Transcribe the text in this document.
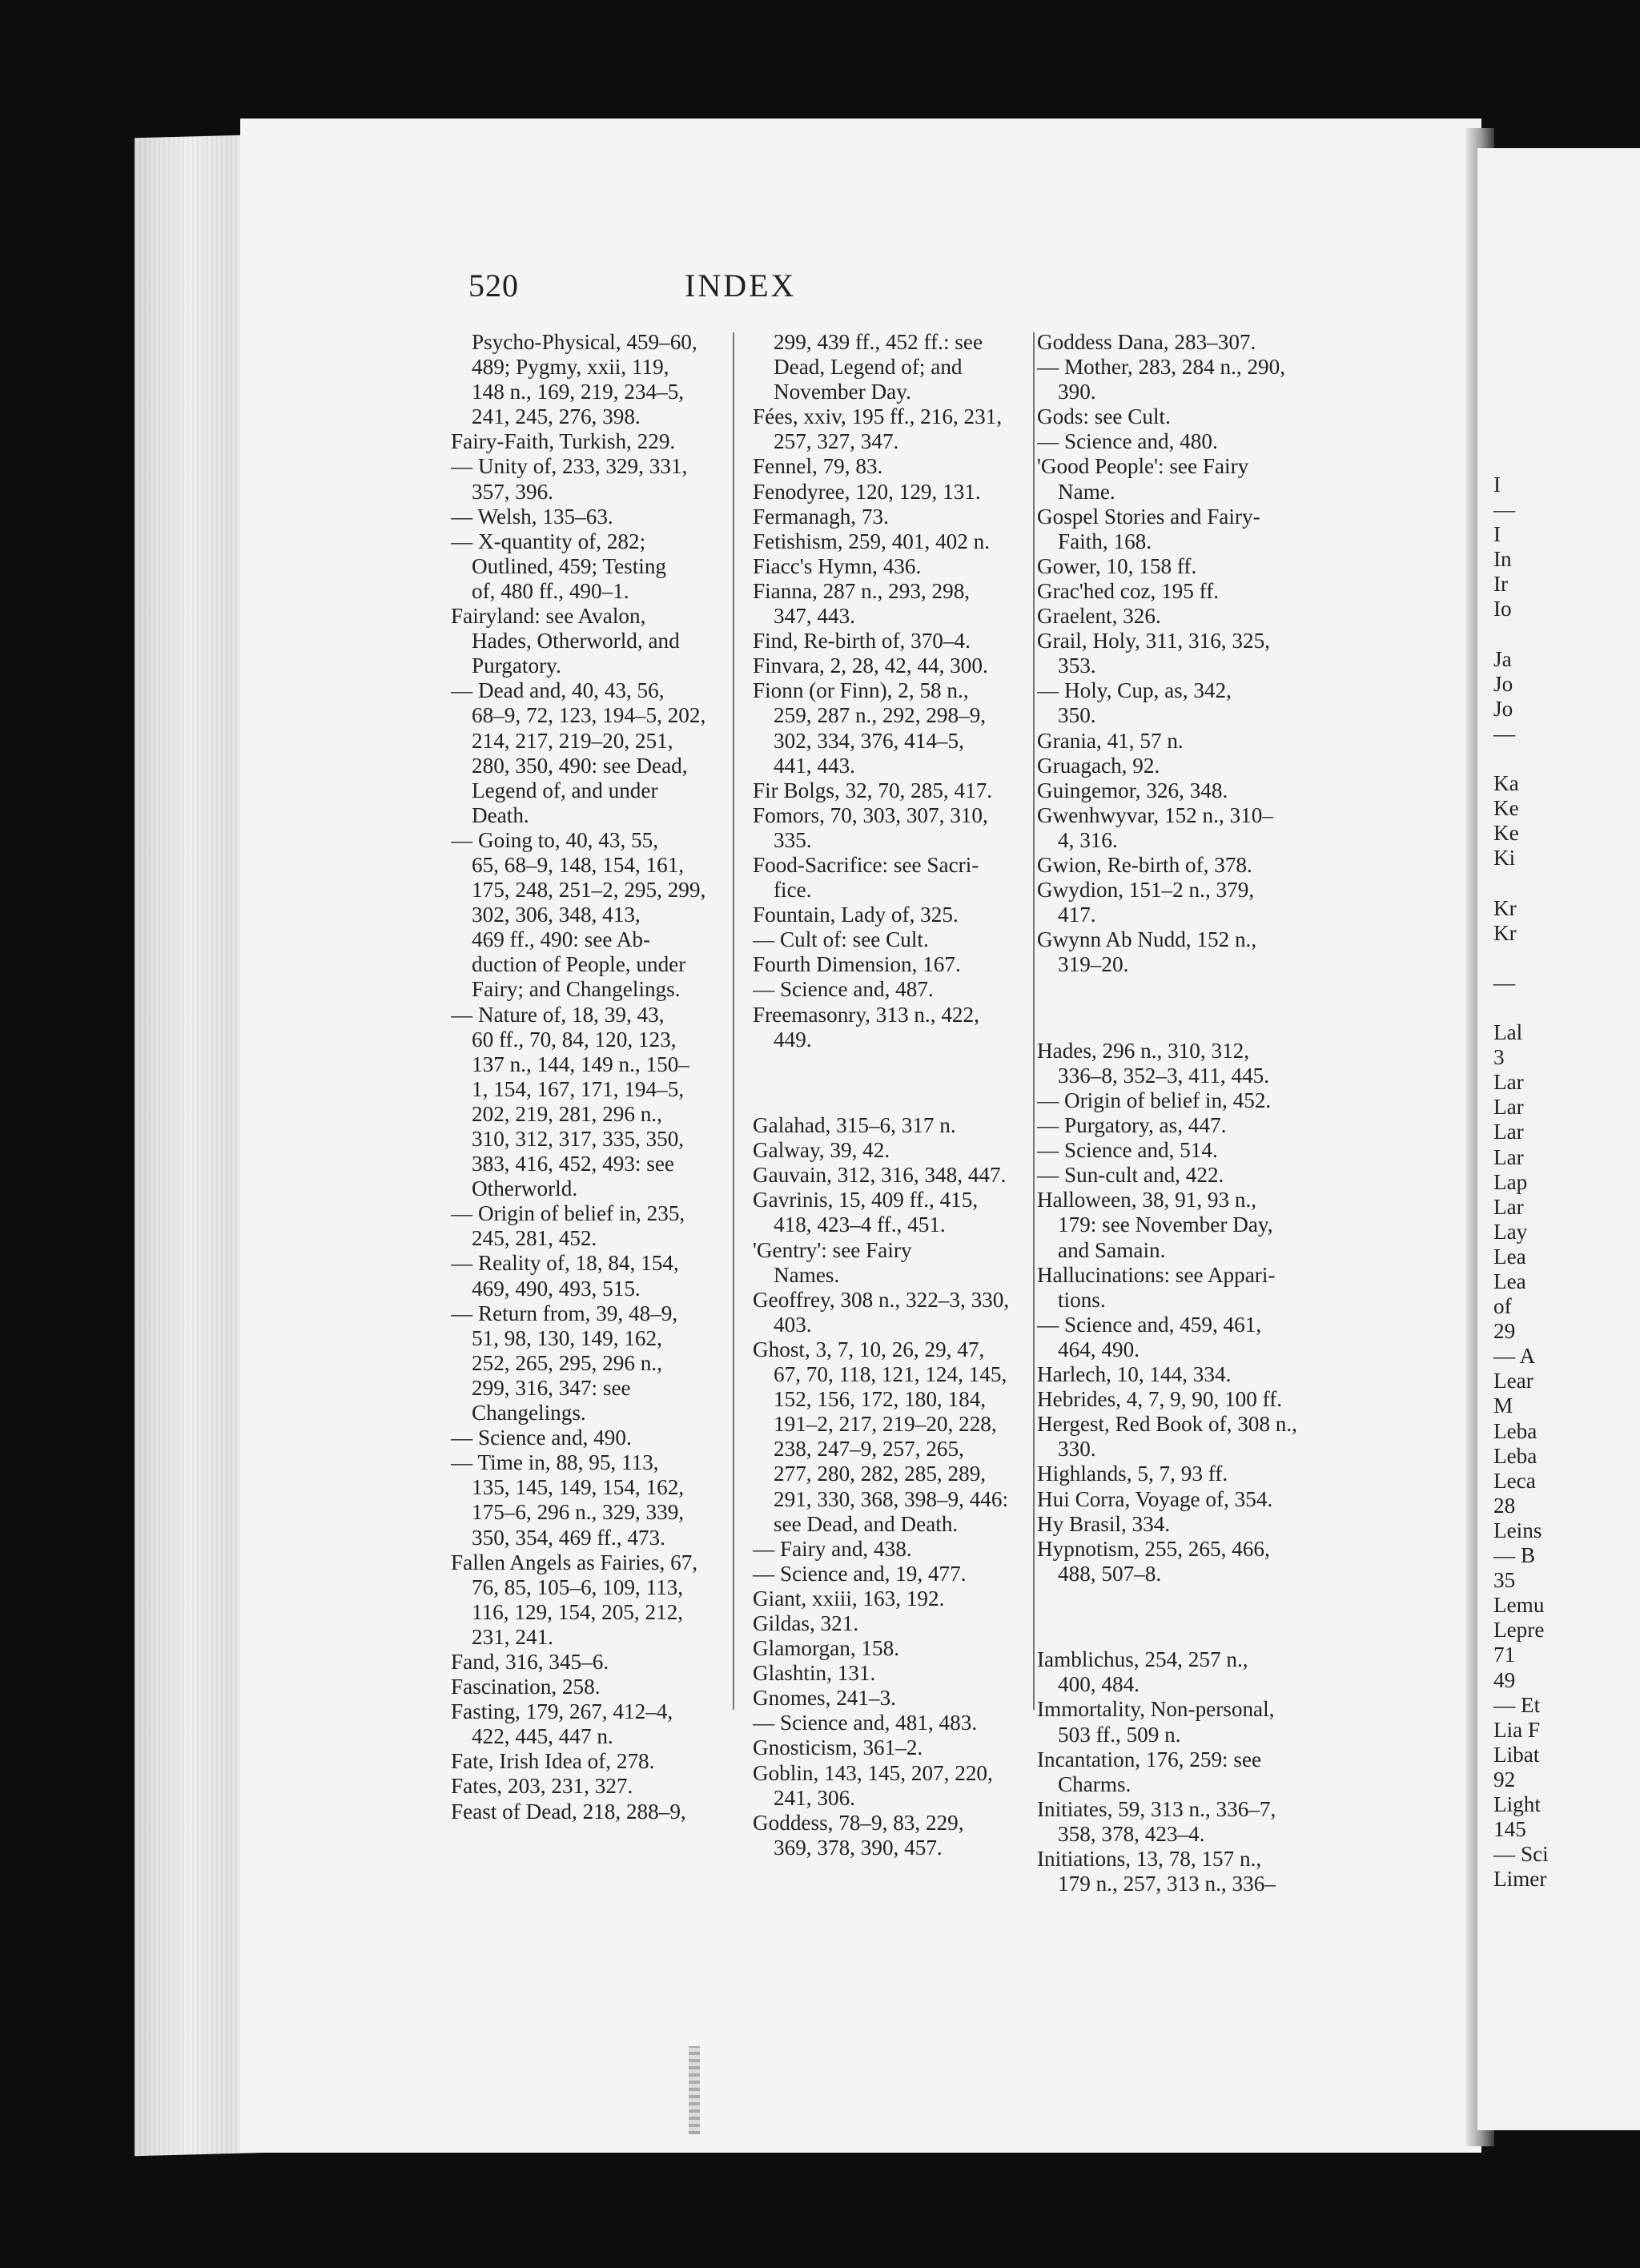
I
—
I
In
Ir
Io
Ja
Jo
Jo
—
Ka
Ke
Ke
Ki
Kr
Kr
—
Lal
3
Lar
Lar
Lar
Lar
Lap
Lar
Lay
Lea
Lea
of
29
— A
Lear
M
Leba
Leba
Leca
28
Leins
— B
35
Lemu
Lepre
71
49
— Et
Lia F
Libat
92
Light
145
— Sci
Limer
520	INDEX

Psycho-Physical, 459–60,

489; Pygmy, xxii, 119,

148 n., 169, 219, 234–5,

241, 245, 276, 398.

Fairy-Faith, Turkish, 229.

— Unity of, 233, 329, 331,

357, 396.

— Welsh, 135–63.

— X-quantity of, 282;

Outlined, 459; Testing

of, 480 ff., 490–1.

Fairyland: see Avalon,

Hades, Otherworld, and

Purgatory.

— Dead and, 40, 43, 56,

68–9, 72, 123, 194–5, 202,

214, 217, 219–20, 251,

280, 350, 490: see Dead,

Legend of, and under

Death.

— Going to, 40, 43, 55,

65, 68–9, 148, 154, 161,

175, 248, 251–2, 295, 299,

302, 306, 348, 413,

469 ff., 490: see Ab-

duction of People, under

Fairy; and Changelings.

— Nature of, 18, 39, 43,

60 ff., 70, 84, 120, 123,

137 n., 144, 149 n., 150–

1, 154, 167, 171, 194–5,

202, 219, 281, 296 n.,

310, 312, 317, 335, 350,

383, 416, 452, 493: see

Otherworld.

— Origin of belief in, 235,

245, 281, 452.

— Reality of, 18, 84, 154,

469, 490, 493, 515.

— Return from, 39, 48–9,

51, 98, 130, 149, 162,

252, 265, 295, 296 n.,

299, 316, 347: see

Changelings.

— Science and, 490.

— Time in, 88, 95, 113,

135, 145, 149, 154, 162,

175–6, 296 n., 329, 339,

350, 354, 469 ff., 473.

Fallen Angels as Fairies, 67,

76, 85, 105–6, 109, 113,

116, 129, 154, 205, 212,

231, 241.

Fand, 316, 345–6.

Fascination, 258.

Fasting, 179, 267, 412–4,

422, 445, 447 n.

Fate, Irish Idea of, 278.

Fates, 203, 231, 327.

Feast of Dead, 218, 288–9,

299, 439 ff., 452 ff.: see

Dead, Legend of; and

November Day.

Fées, xxiv, 195 ff., 216, 231,

257, 327, 347.

Fennel, 79, 83.

Fenodyree, 120, 129, 131.

Fermanagh, 73.

Fetishism, 259, 401, 402 n.

Fiacc's Hymn, 436.

Fianna, 287 n., 293, 298,

347, 443.

Find, Re-birth of, 370–4.

Finvara, 2, 28, 42, 44, 300.

Fionn (or Finn), 2, 58 n.,

259, 287 n., 292, 298–9,

302, 334, 376, 414–5,

441, 443.

Fir Bolgs, 32, 70, 285, 417.

Fomors, 70, 303, 307, 310,

335.

Food-Sacrifice: see Sacri-

fice.

Fountain, Lady of, 325.

— Cult of: see Cult.

Fourth Dimension, 167.

— Science and, 487.

Freemasonry, 313 n., 422,

449.

Galahad, 315–6, 317 n.

Galway, 39, 42.

Gauvain, 312, 316, 348, 447.

Gavrinis, 15, 409 ff., 415,

418, 423–4 ff., 451.

'Gentry': see Fairy

Names.

Geoffrey, 308 n., 322–3, 330,

403.

Ghost, 3, 7, 10, 26, 29, 47,

67, 70, 118, 121, 124, 145,

152, 156, 172, 180, 184,

191–2, 217, 219–20, 228,

238, 247–9, 257, 265,

277, 280, 282, 285, 289,

291, 330, 368, 398–9, 446:

see Dead, and Death.

— Fairy and, 438.

— Science and, 19, 477.

Giant, xxiii, 163, 192.

Gildas, 321.

Glamorgan, 158.

Glashtin, 131.

Gnomes, 241–3.

— Science and, 481, 483.

Gnosticism, 361–2.

Goblin, 143, 145, 207, 220,

241, 306.

Goddess, 78–9, 83, 229,

369, 378, 390, 457.

Goddess Dana, 283–307.

— Mother, 283, 284 n., 290,

390.

Gods: see Cult.

— Science and, 480.

'Good People': see Fairy

Name.

Gospel Stories and Fairy-

Faith, 168.

Gower, 10, 158 ff.

Grac'hed coz, 195 ff.

Graelent, 326.

Grail, Holy, 311, 316, 325,

353.

— Holy, Cup, as, 342,

350.

Grania, 41, 57 n.

Gruagach, 92.

Guingemor, 326, 348.

Gwenhwyvar, 152 n., 310–

4, 316.

Gwion, Re-birth of, 378.

Gwydion, 151–2 n., 379,

417.

Gwynn Ab Nudd, 152 n.,

319–20.

Hades, 296 n., 310, 312,

336–8, 352–3, 411, 445.

— Origin of belief in, 452.

— Purgatory, as, 447.

— Science and, 514.

— Sun-cult and, 422.

Halloween, 38, 91, 93 n.,

179: see November Day,

and Samain.

Hallucinations: see Appari-

tions.

— Science and, 459, 461,

464, 490.

Harlech, 10, 144, 334.

Hebrides, 4, 7, 9, 90, 100 ff.

Hergest, Red Book of, 308 n.,

330.

Highlands, 5, 7, 93 ff.

Hui Corra, Voyage of, 354.

Hy Brasil, 334.

Hypnotism, 255, 265, 466,

488, 507–8.

Iamblichus, 254, 257 n.,

400, 484.

Immortality, Non-personal,

503 ff., 509 n.

Incantation, 176, 259: see

Charms.

Initiates, 59, 313 n., 336–7,

358, 378, 423–4.

Initiations, 13, 78, 157 n.,

179 n., 257, 313 n., 336–
